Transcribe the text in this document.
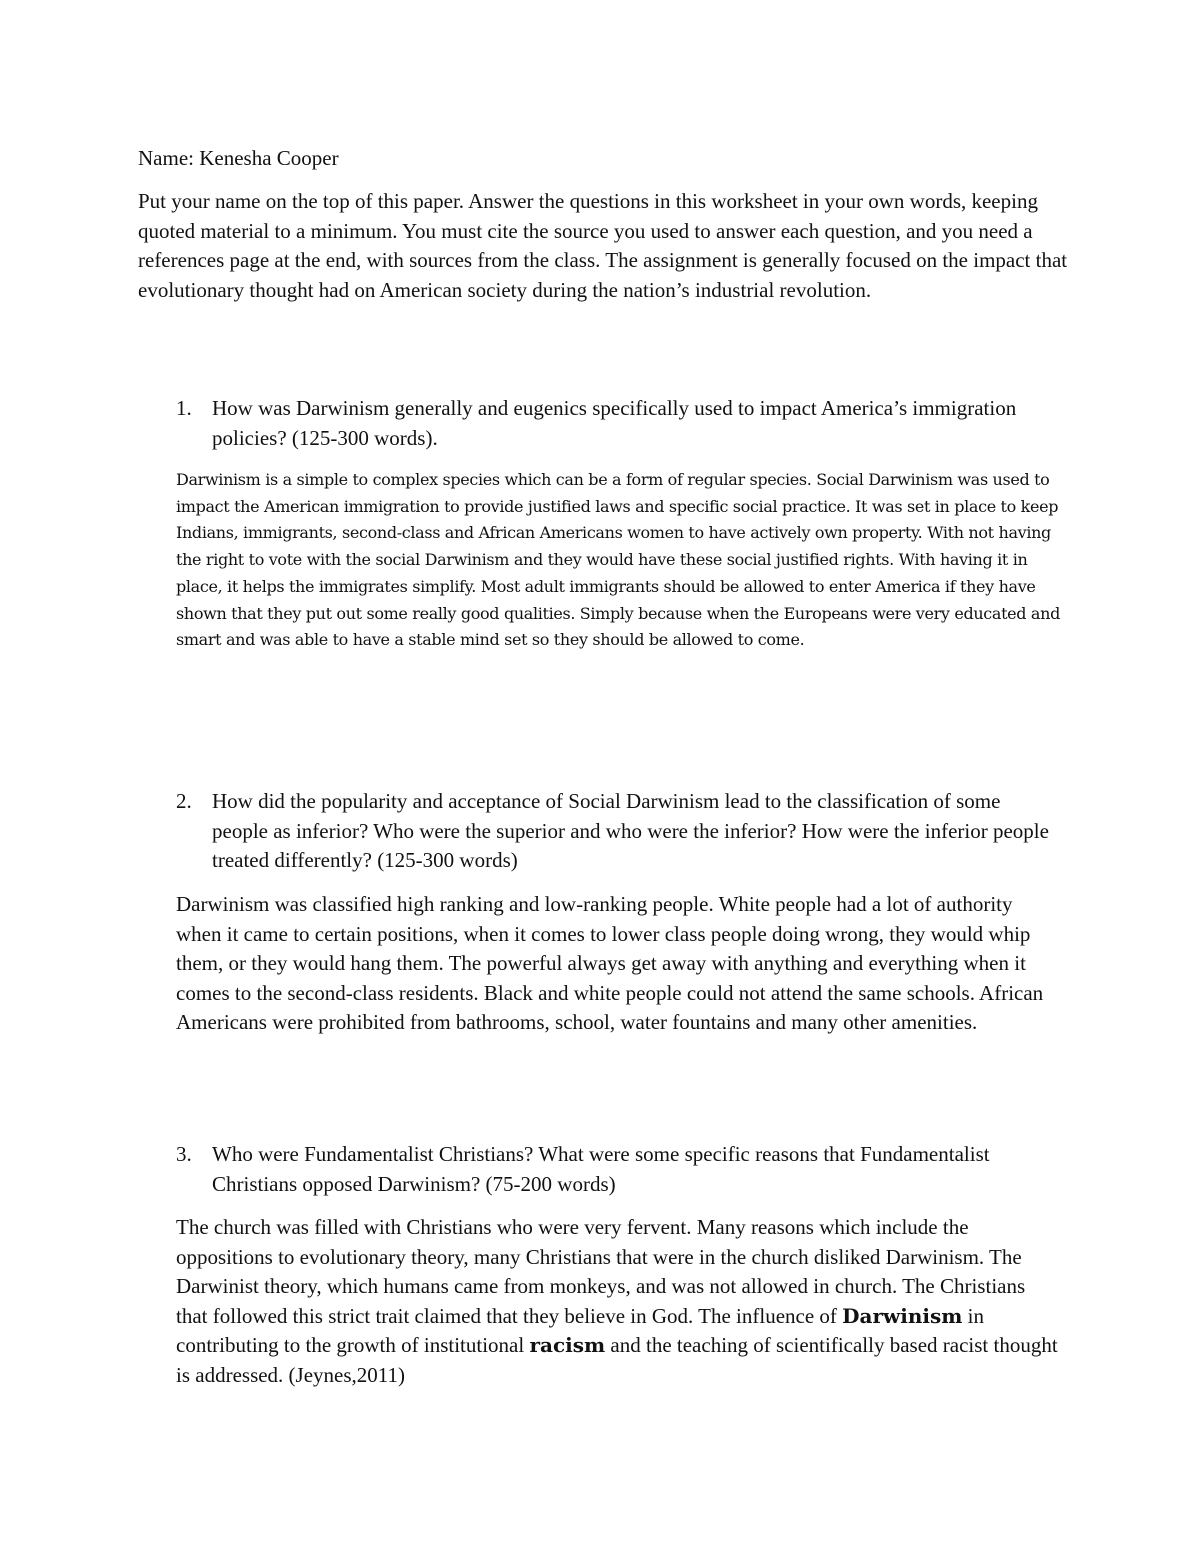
Name: Kenesha Cooper

Put your name on the top of this paper. Answer the questions in this worksheet in your own words, keeping quoted material to a minimum. You must cite the source you used to answer each question, and you need a references page at the end, with sources from the class. The assignment is generally focused on the impact that evolutionary thought had on American society during the nation’s industrial revolution.

1. How was Darwinism generally and eugenics specifically used to impact America’s immigration policies? (125-300 words).

Darwinism is a simple to complex species which can be a form of regular species. Social Darwinism was used to impact the American immigration to provide justified laws and specific social practice. It was set in place to keep Indians, immigrants, second-class and African Americans women to have actively own property. With not having the right to vote with the social Darwinism and they would have these social justified rights. With having it in place, it helps the immigrates simplify. Most adult immigrants should be allowed to enter America if they have shown that they put out some really good qualities. Simply because when the Europeans were very educated and smart and was able to have a stable mind set so they should be allowed to come.

2. How did the popularity and acceptance of Social Darwinism lead to the classification of some people as inferior? Who were the superior and who were the inferior? How were the inferior people treated differently? (125-300 words)

Darwinism was classified high ranking and low-ranking people. White people had a lot of authority when it came to certain positions, when it comes to lower class people doing wrong, they would whip them, or they would hang them. The powerful always get away with anything and everything when it comes to the second-class residents. Black and white people could not attend the same schools. African Americans were prohibited from bathrooms, school, water fountains and many other amenities.

3. Who were Fundamentalist Christians? What were some specific reasons that Fundamentalist Christians opposed Darwinism? (75-200 words)

The church was filled with Christians who were very fervent. Many reasons which include the oppositions to evolutionary theory, many Christians that were in the church disliked Darwinism. The Darwinist theory, which humans came from monkeys, and was not allowed in church. The Christians that followed this strict trait claimed that they believe in God. The influence of Darwinism in contributing to the growth of institutional racism and the teaching of scientifically based racist thought is addressed. (Jeynes,2011)
